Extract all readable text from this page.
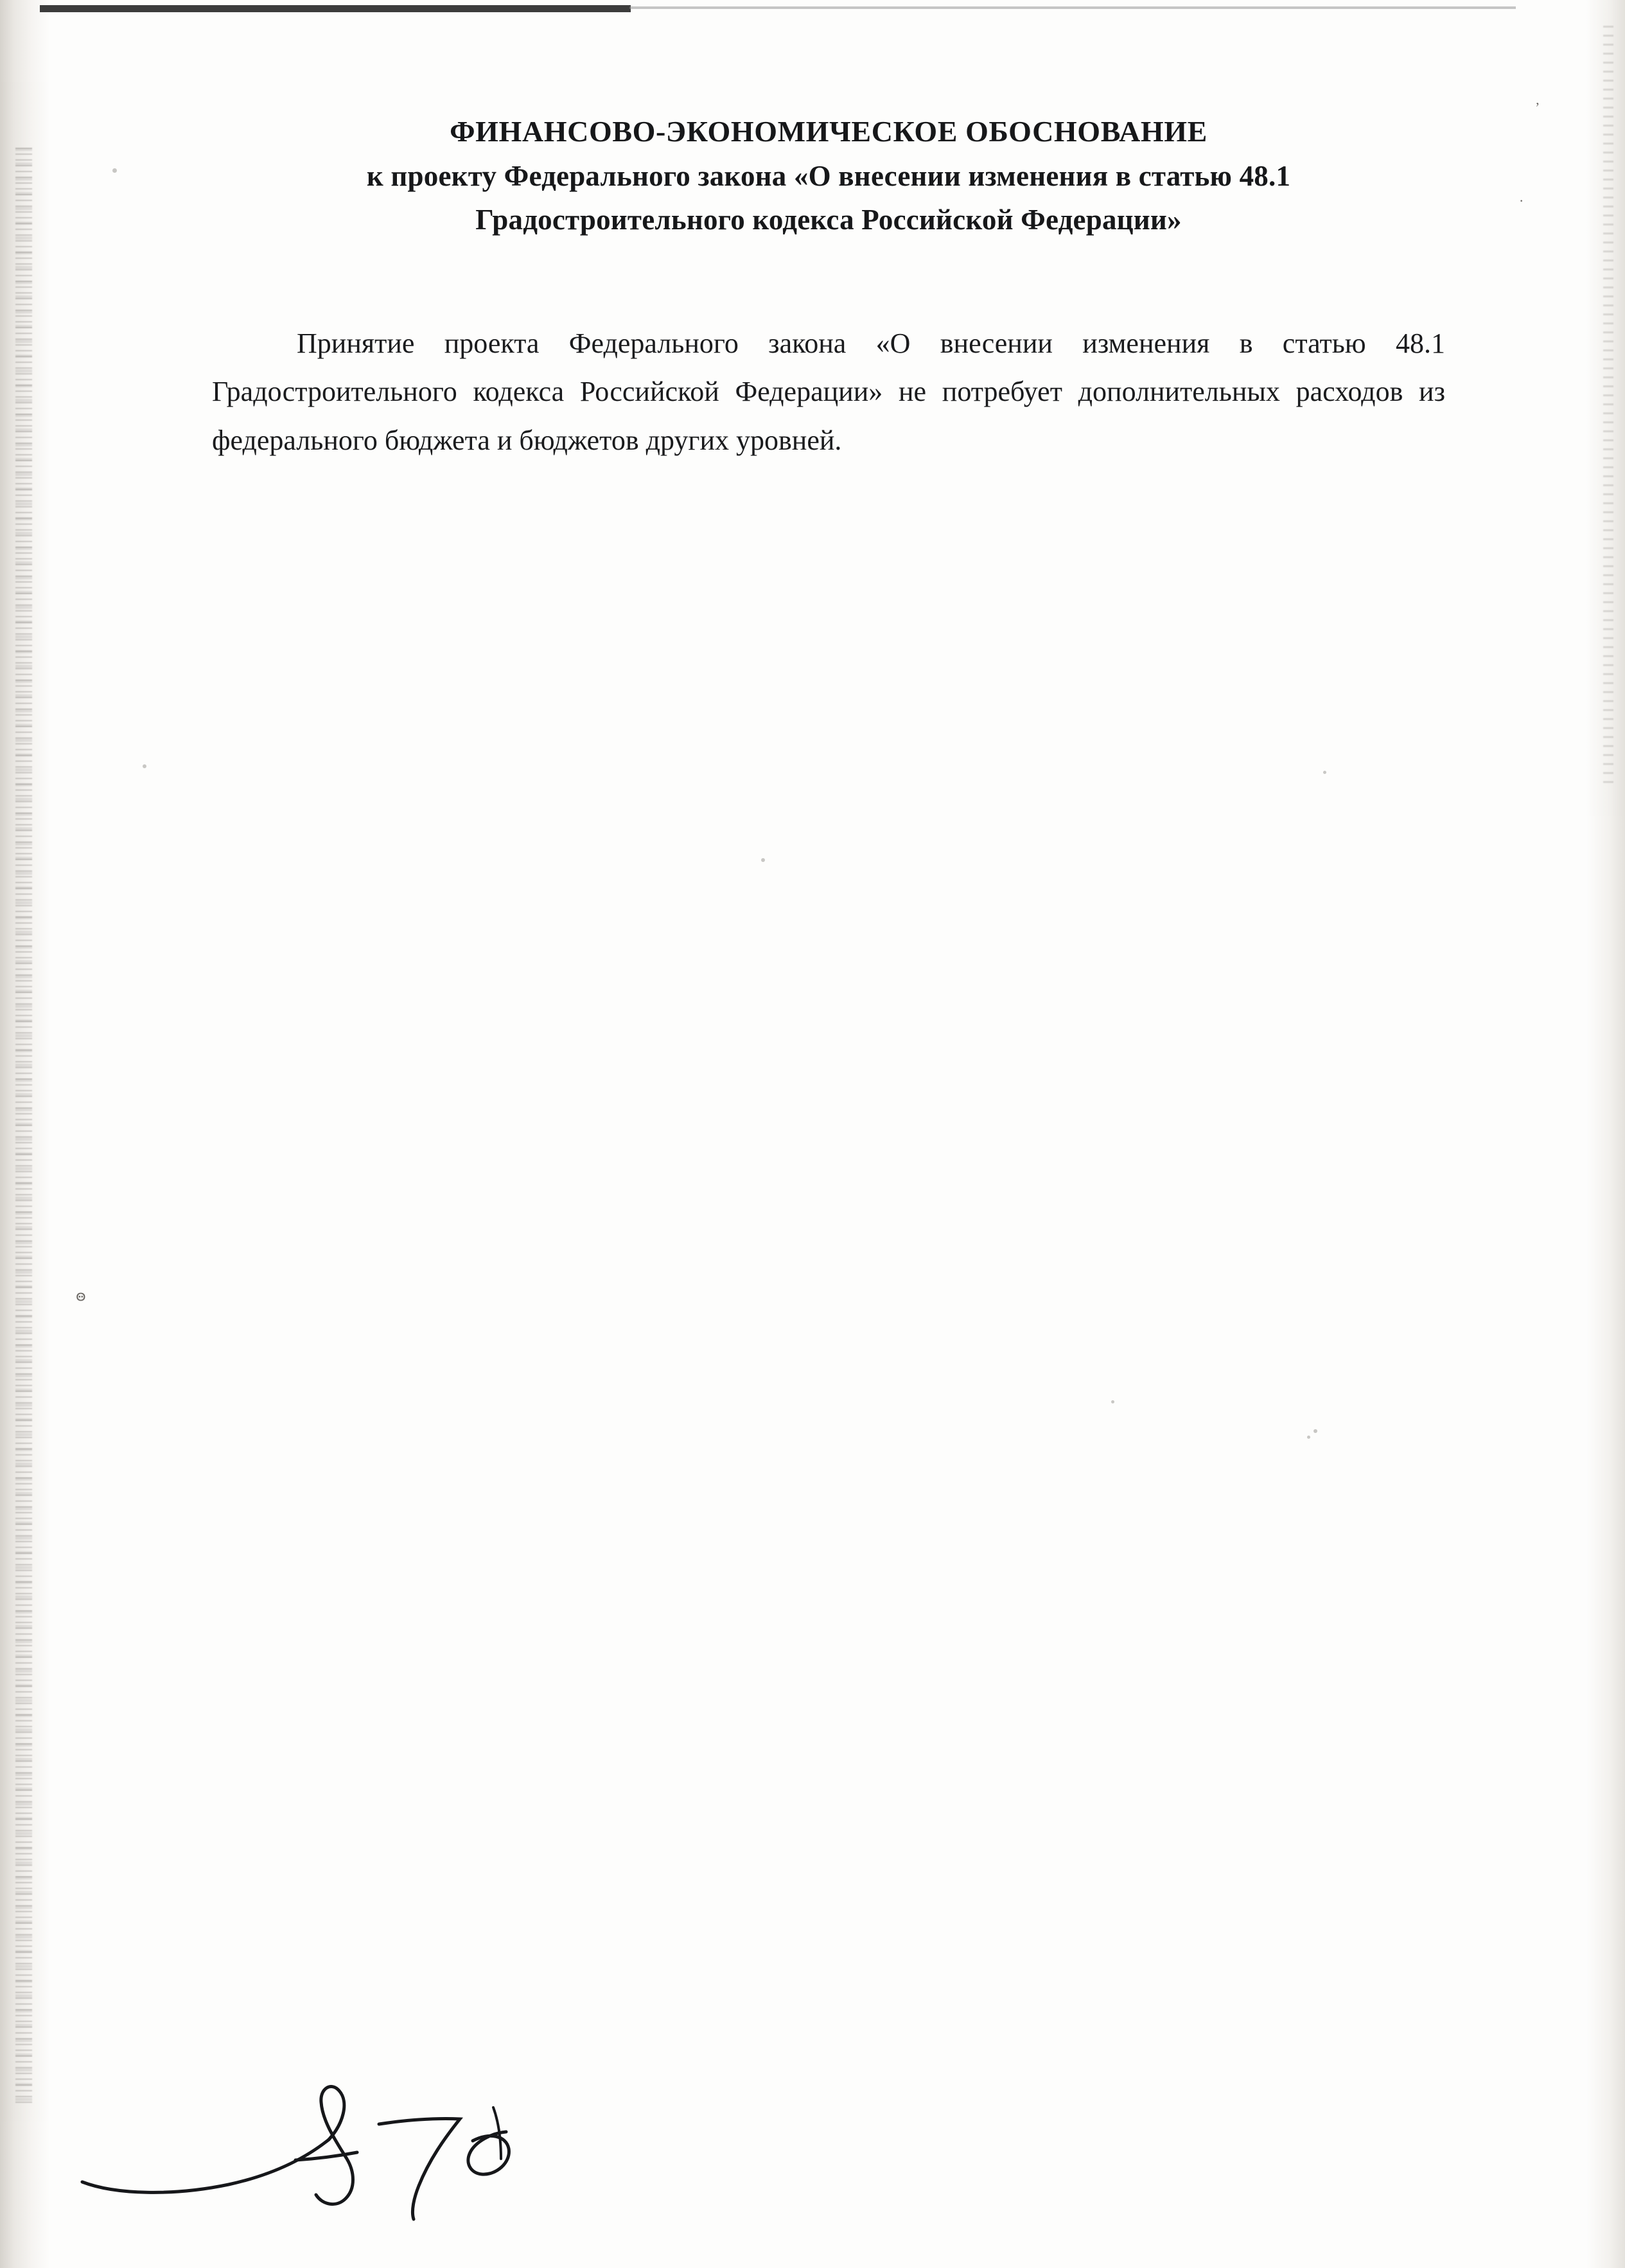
ꙫ
ʼ
·
ФИНАНСОВО-ЭКОНОМИЧЕСКОЕ ОБОСНОВАНИЕ
к проекту Федерального закона «О внесении изменения в статью 48.1
Градостроительного кодекса Российской Федерации»
Принятие проекта Федерального закона «О внесении изменения в статью 48.1 Градостроительного кодекса Российской Федерации» не потребует дополнительных расходов из федерального бюджета и бюджетов других уровней.
